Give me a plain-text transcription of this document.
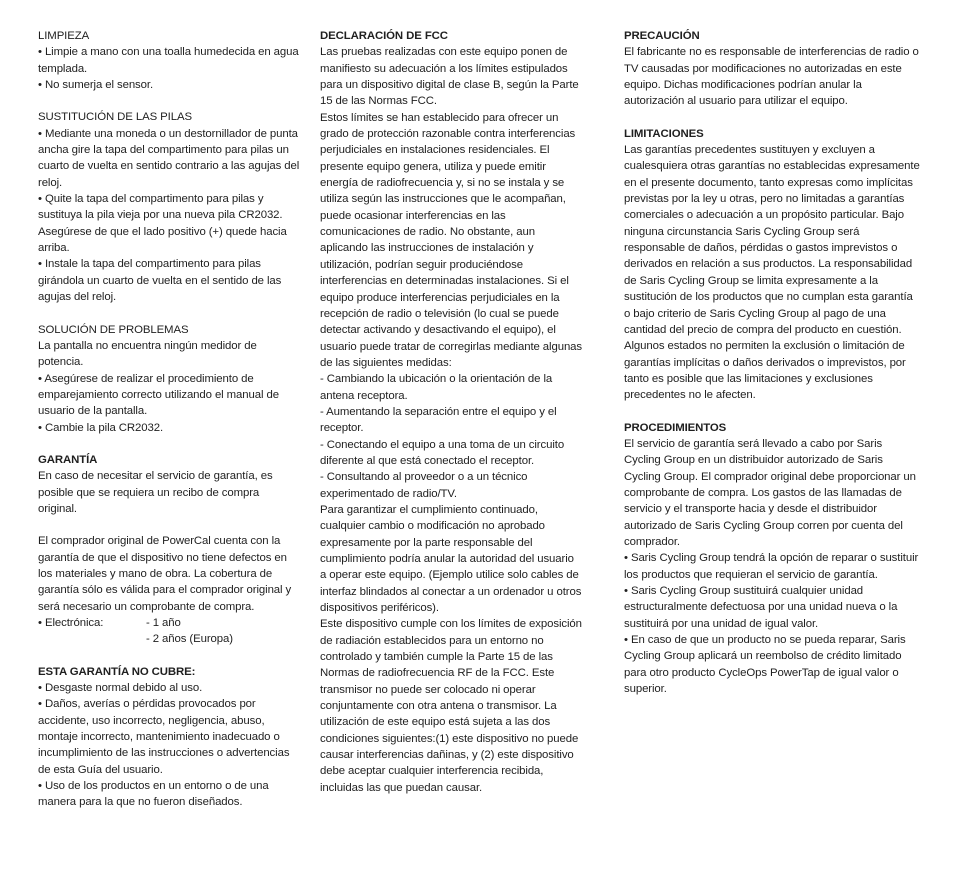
LIMPIEZA
• Limpie a mano con una toalla humedecida en agua templada.
• No sumerja el sensor.
SUSTITUCIÓN DE LAS PILAS
• Mediante una moneda o un destornillador de punta ancha gire la tapa del compartimento para pilas un cuarto de vuelta en sentido contrario a las agujas del reloj.
• Quite la tapa del compartimento para pilas y sustituya la pila vieja por una nueva pila CR2032. Asegúrese de que el lado positivo (+) quede hacia arriba.
• Instale la tapa del compartimento para pilas girándola un cuarto de vuelta en el sentido de las agujas del reloj.
SOLUCIÓN DE PROBLEMAS
La pantalla no encuentra ningún medidor de potencia.
• Asegúrese de realizar el procedimiento de emparejamiento correcto utilizando el manual de usuario de la pantalla.
• Cambie la pila CR2032.
GARANTÍA
En caso de necesitar el servicio de garantía, es posible que se requiera un recibo de compra original.
El comprador original de PowerCal cuenta con la garantía de que el dispositivo no tiene defectos en los materiales y mano de obra. La cobertura de garantía sólo es válida para el comprador original y será necesario un comprobante de compra.
• Electrónica:	- 1 año
- 2 años (Europa)
ESTA GARANTÍA NO CUBRE:
• Desgaste normal debido al uso.
• Daños, averías o pérdidas provocados por accidente, uso incorrecto, negligencia, abuso, montaje incorrecto, mantenimiento inadecuado o incumplimiento de las instrucciones o advertencias de esta Guía del usuario.
• Uso de los productos en un entorno o de una manera para la que no fueron diseñados.
DECLARACIÓN DE FCC
Las pruebas realizadas con este equipo ponen de manifiesto su adecuación a los límites estipulados para un dispositivo digital de clase B, según la Parte 15 de las Normas FCC.
Estos límites se han establecido para ofrecer un grado de protección razonable contra interferencias perjudiciales en instalaciones residenciales. El presente equipo genera, utiliza y puede emitir energía de radiofrecuencia y, si no se instala y se utiliza según las instrucciones que le acompañan, puede ocasionar interferencias en las comunicaciones de radio. No obstante, aun aplicando las instrucciones de instalación y utilización, podrían seguir produciéndose interferencias en determinadas instalaciones. Si el equipo produce interferencias perjudiciales en la recepción de radio o televisión (lo cual se puede detectar activando y desactivando el equipo), el usuario puede tratar de corregirlas mediante algunas de las siguientes medidas:
- Cambiando la ubicación o la orientación de la antena receptora.
- Aumentando la separación entre el equipo y el receptor.
- Conectando el equipo a una toma de un circuito diferente al que está conectado el receptor.
- Consultando al proveedor o a un técnico experimentado de radio/TV.
Para garantizar el cumplimiento continuado, cualquier cambio o modificación no aprobado expresamente por la parte responsable del cumplimiento podría anular la autoridad del usuario a operar este equipo. (Ejemplo utilice solo cables de interfaz blindados al conectar a un ordenador u otros dispositivos periféricos).
Este dispositivo cumple con los límites de exposición de radiación establecidos para un entorno no controlado y también cumple la Parte 15 de las Normas de radiofrecuencia RF de la FCC. Este transmisor no puede ser colocado ni operar conjuntamente con otra antena o transmisor. La utilización de este equipo está sujeta a las dos condiciones siguientes:(1) este dispositivo no puede causar interferencias dañinas, y (2) este dispositivo debe aceptar cualquier interferencia recibida, incluidas las que puedan causar.
PRECAUCIÓN
El fabricante no es responsable de interferencias de radio o TV causadas por modificaciones no autorizadas en este equipo. Dichas modificaciones podrían anular la autorización al usuario para utilizar el equipo.
LIMITACIONES
Las garantías precedentes sustituyen y excluyen a cualesquiera otras garantías no establecidas expresamente en el presente documento, tanto expresas como implícitas previstas por la ley u otras, pero no limitadas a garantías comerciales o adecuación a un propósito particular. Bajo ninguna circunstancia Saris Cycling Group será responsable de daños, pérdidas o gastos imprevistos o derivados en relación a sus productos. La responsabilidad de Saris Cycling Group se limita expresamente a la sustitución de los productos que no cumplan esta garantía o bajo criterio de Saris Cycling Group al pago de una cantidad del precio de compra del producto en cuestión. Algunos estados no permiten la exclusión o limitación de garantías implícitas o daños derivados o imprevistos, por tanto es posible que las limitaciones y exclusiones precedentes no le afecten.
PROCEDIMIENTOS
El servicio de garantía será llevado a cabo por Saris Cycling Group en un distribuidor autorizado de Saris Cycling Group. El comprador original debe proporcionar un comprobante de compra. Los gastos de las llamadas de servicio y el transporte hacia y desde el distribuidor autorizado de Saris Cycling Group corren por cuenta del comprador.
• Saris Cycling Group tendrá la opción de reparar o sustituir los productos que requieran el servicio de garantía.
• Saris Cycling Group sustituirá cualquier unidad estructuralmente defectuosa por una unidad nueva o la sustituirá por una unidad de igual valor.
• En caso de que un producto no se pueda reparar, Saris Cycling Group aplicará un reembolso de crédito limitado para otro producto CycleOps PowerTap de igual valor o superior.
